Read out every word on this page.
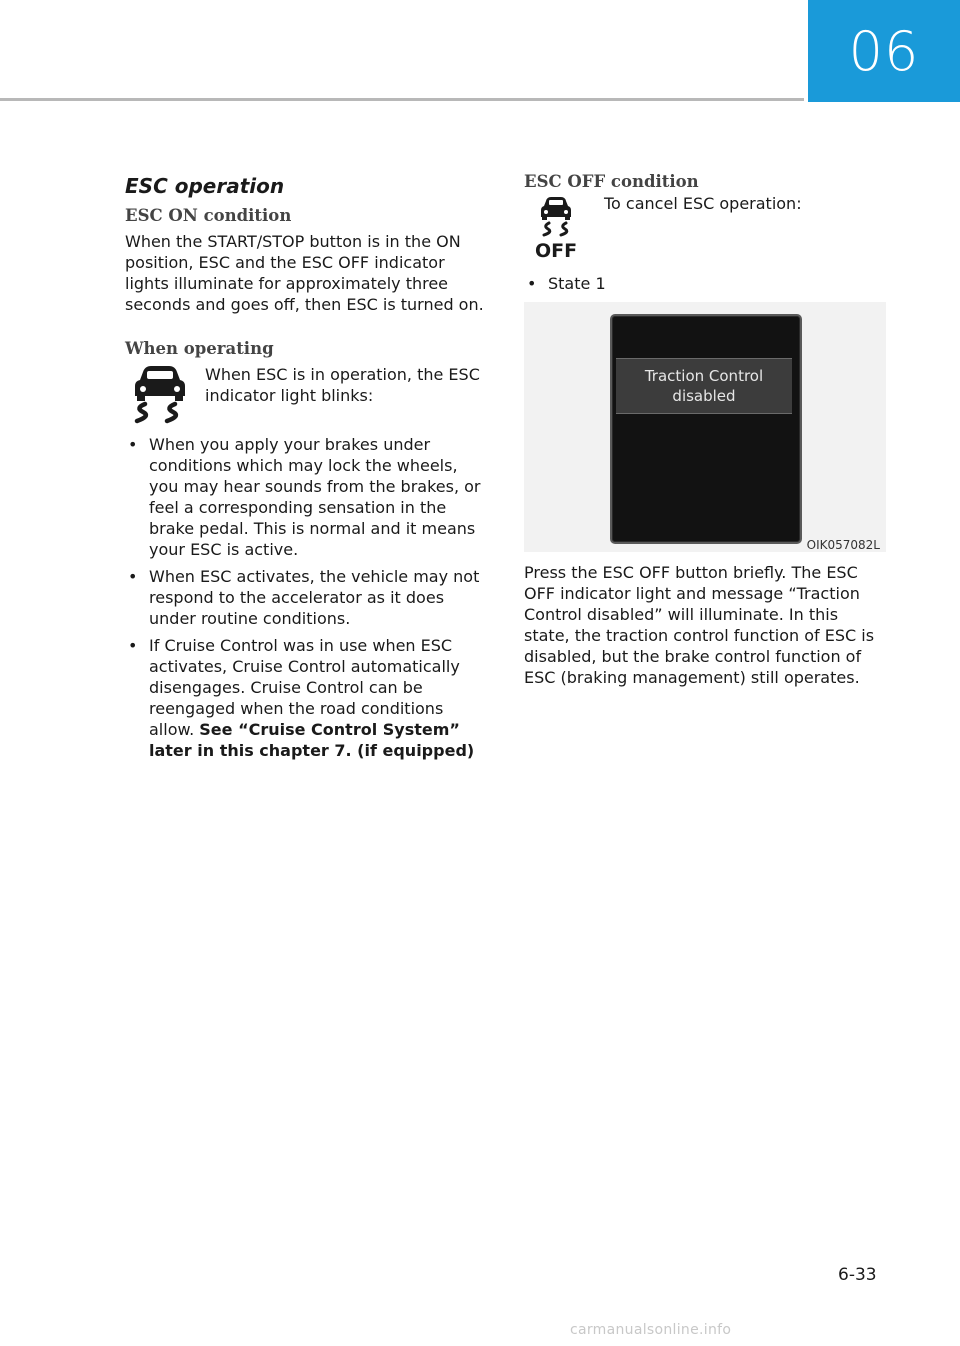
06
ESC operation
ESC ON condition

When the START/STOP button is in the ON position, ESC and the ESC OFF indicator lights illuminate for approximately three seconds and goes off, then ESC is turned on.

When operating

When ESC is in operation, the ESC indicator light blinks:

• When you apply your brakes under conditions which may lock the wheels, you may hear sounds from the brakes, or feel a corresponding sensation in the brake pedal. This is normal and it means your ESC is active.
• When ESC activates, the vehicle may not respond to the accelerator as it does under routine conditions.
• If Cruise Control was in use when ESC activates, Cruise Control automatically disengages. Cruise Control can be reengaged when the road conditions allow. See “Cruise Control System” later in this chapter 7. (if equipped)
ESC OFF condition
OFF

To cancel ESC operation:

• State 1
Traction Control
disabled
OIK057082L

Press the ESC OFF button briefly. The ESC OFF indicator light and message “Traction Control disabled” will illuminate. In this state, the traction control function of ESC is disabled, but the brake control function of ESC (braking management) still operates.

6-33
carmanualsonline.info
